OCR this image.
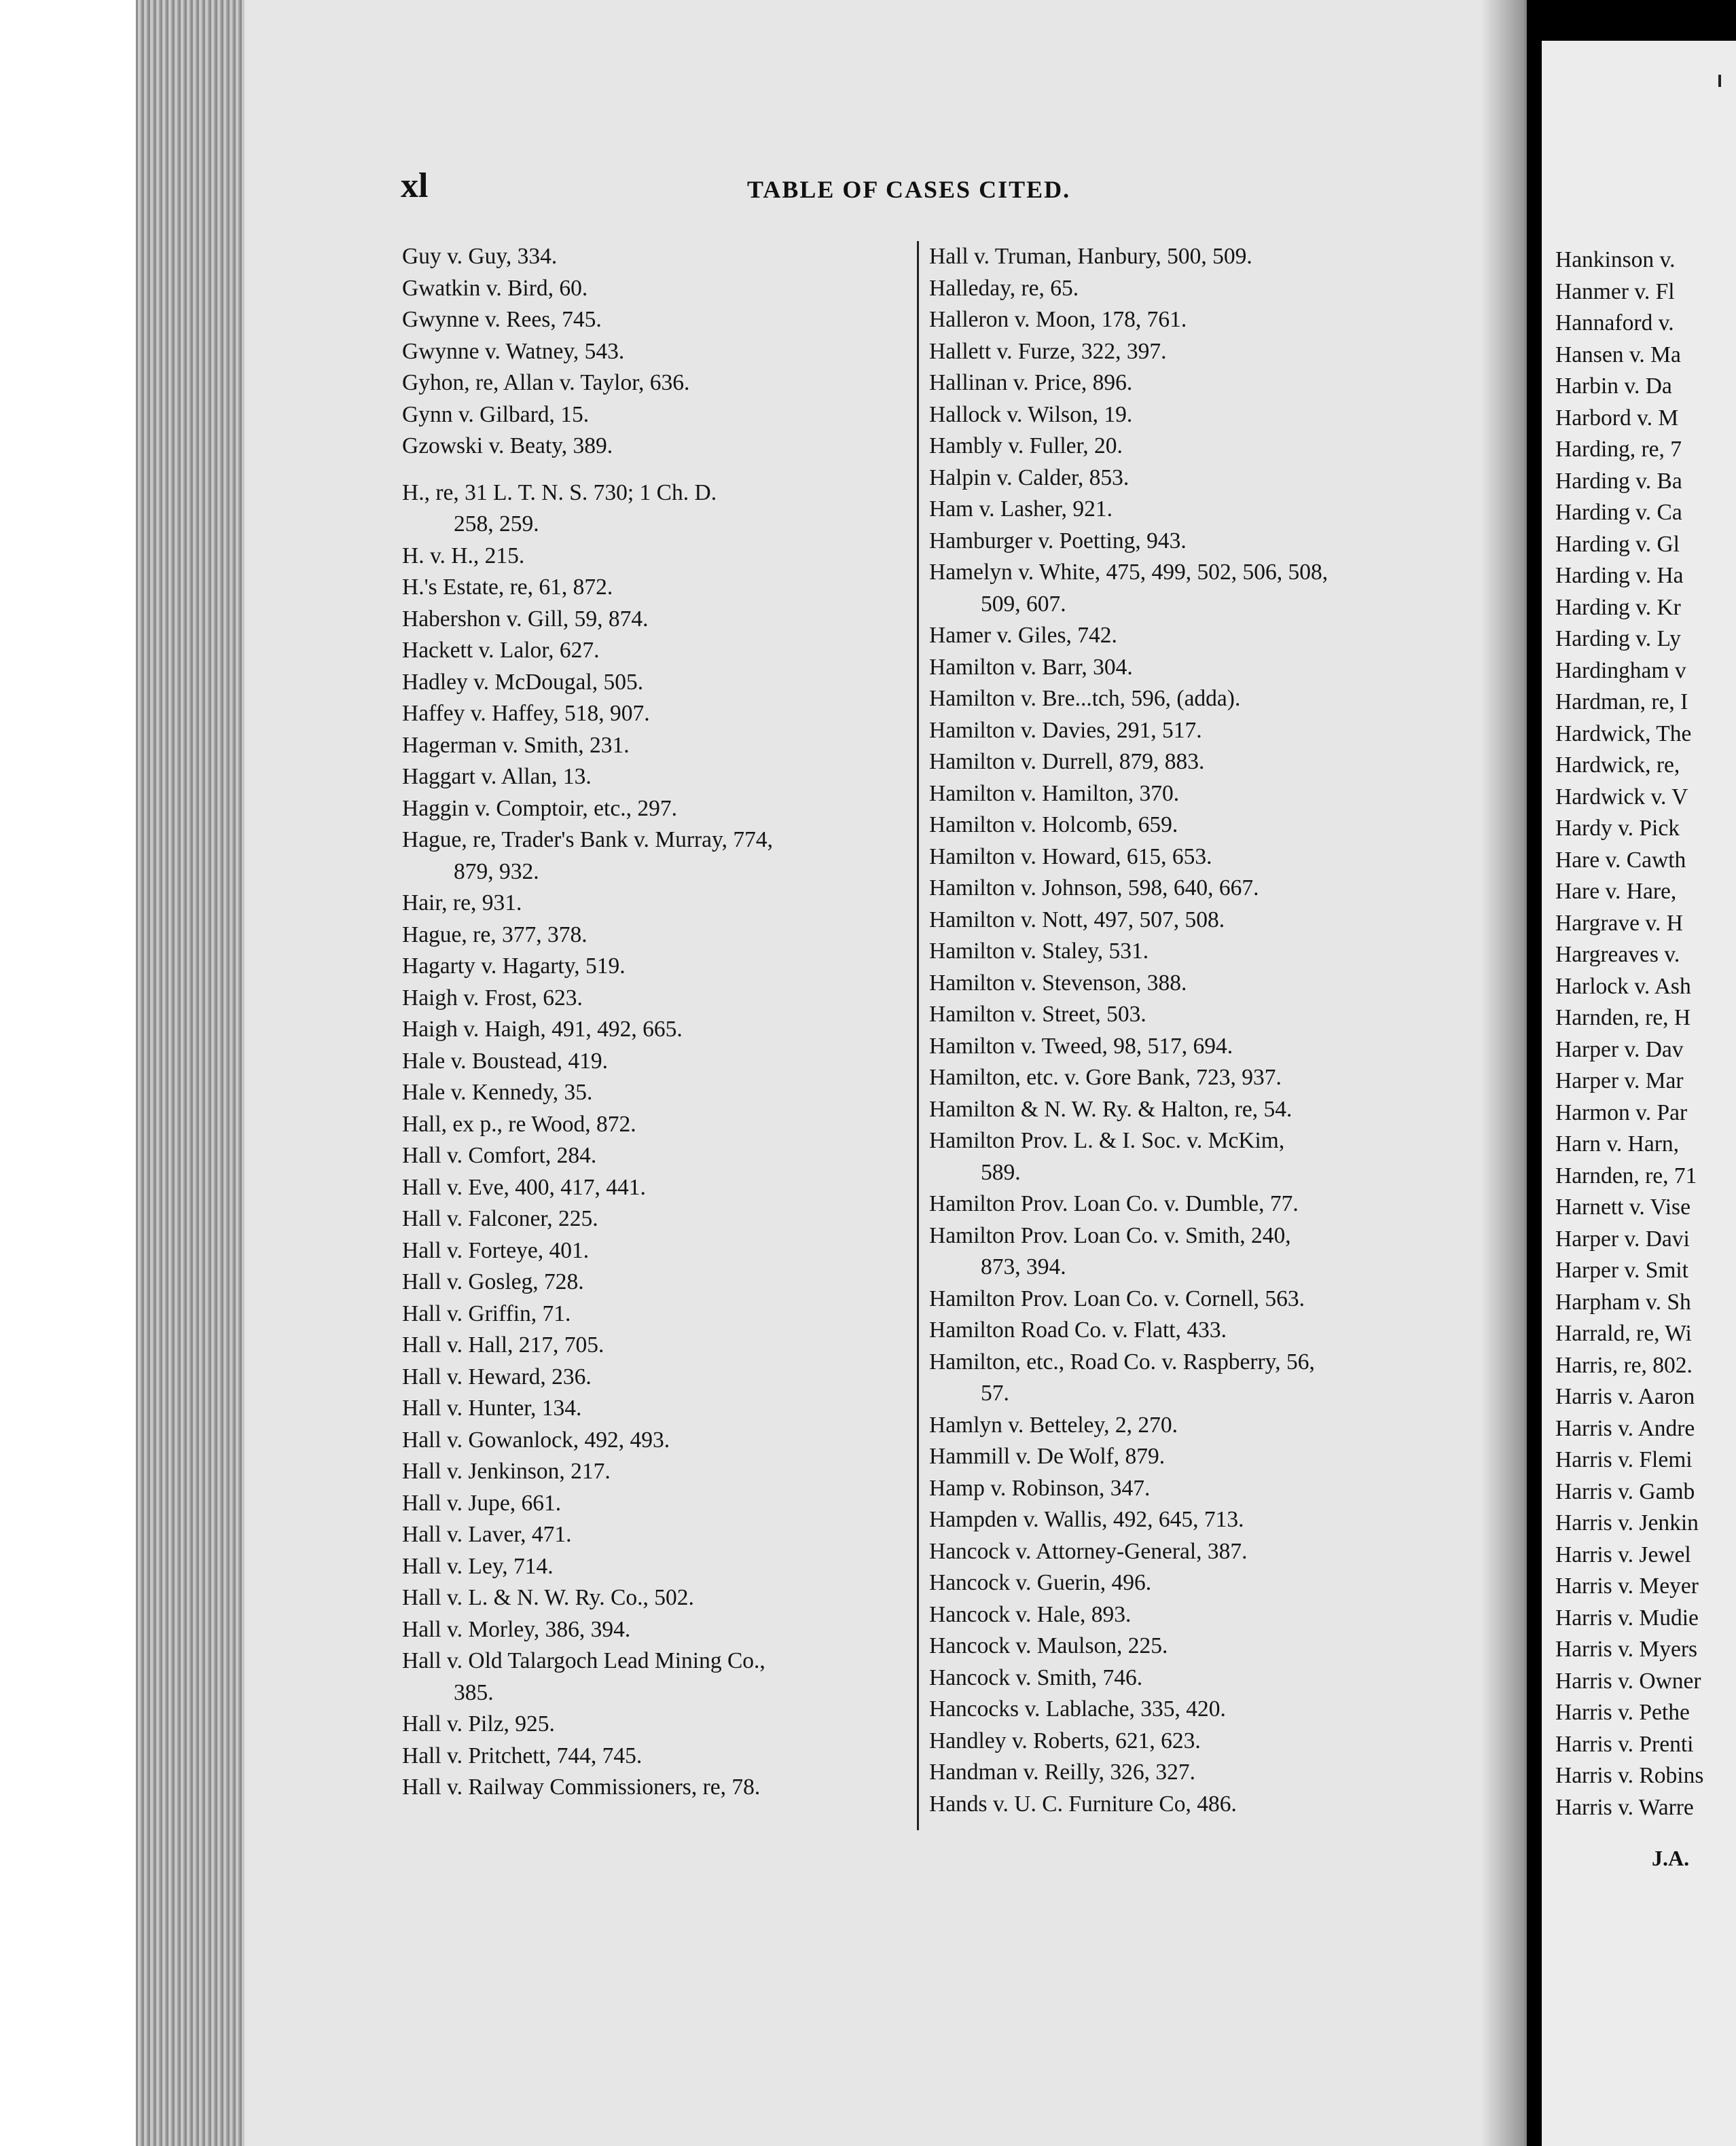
xl	TABLE OF CASES CITED.
Guy v. Guy, 334.
Gwatkin v. Bird, 60.
Gwynne v. Rees, 745.
Gwynne v. Watney, 543.
Gyhon, re, Allan v. Taylor, 636.
Gynn v. Gilbard, 15.
Gzowski v. Beaty, 389.
H., re, 31 L. T. N. S. 730; 1 Ch. D.
258, 259.
H. v. H., 215.
H.'s Estate, re, 61, 872.
Habershon v. Gill, 59, 874.
Hackett v. Lalor, 627.
Hadley v. McDougal, 505.
Haffey v. Haffey, 518, 907.
Hagerman v. Smith, 231.
Haggart v. Allan, 13.
Haggin v. Comptoir, etc., 297.
Hague, re, Trader's Bank v. Murray, 774,
879, 932.
Hair, re, 931.
Hague, re, 377, 378.
Hagarty v. Hagarty, 519.
Haigh v. Frost, 623.
Haigh v. Haigh, 491, 492, 665.
Hale v. Boustead, 419.
Hale v. Kennedy, 35.
Hall, ex p., re Wood, 872.
Hall v. Comfort, 284.
Hall v. Eve, 400, 417, 441.
Hall v. Falconer, 225.
Hall v. Forteye, 401.
Hall v. Gosleg, 728.
Hall v. Griffin, 71.
Hall v. Hall, 217, 705.
Hall v. Heward, 236.
Hall v. Hunter, 134.
Hall v. Gowanlock, 492, 493.
Hall v. Jenkinson, 217.
Hall v. Jupe, 661.
Hall v. Laver, 471.
Hall v. Ley, 714.
Hall v. L. & N. W. Ry. Co., 502.
Hall v. Morley, 386, 394.
Hall v. Old Talargoch Lead Mining Co.,
385.
Hall v. Pilz, 925.
Hall v. Pritchett, 744, 745.
Hall v. Railway Commissioners, re, 78.
Hall v. Truman, Hanbury, 500, 509.
Halleday, re, 65.
Halleron v. Moon, 178, 761.
Hallett v. Furze, 322, 397.
Hallinan v. Price, 896.
Hallock v. Wilson, 19.
Hambly v. Fuller, 20.
Halpin v. Calder, 853.
Ham v. Lasher, 921.
Hamburger v. Poetting, 943.
Hamelyn v. White, 475, 499, 502, 506, 508,
509, 607.
Hamer v. Giles, 742.
Hamilton v. Barr, 304.
Hamilton v. Bre...tch, 596, (adda).
Hamilton v. Davies, 291, 517.
Hamilton v. Durrell, 879, 883.
Hamilton v. Hamilton, 370.
Hamilton v. Holcomb, 659.
Hamilton v. Howard, 615, 653.
Hamilton v. Johnson, 598, 640, 667.
Hamilton v. Nott, 497, 507, 508.
Hamilton v. Staley, 531.
Hamilton v. Stevenson, 388.
Hamilton v. Street, 503.
Hamilton v. Tweed, 98, 517, 694.
Hamilton, etc. v. Gore Bank, 723, 937.
Hamilton & N. W. Ry. & Halton, re, 54.
Hamilton Prov. L. & I. Soc. v. McKim,
589.
Hamilton Prov. Loan Co. v. Dumble, 77.
Hamilton Prov. Loan Co. v. Smith, 240,
873, 394.
Hamilton Prov. Loan Co. v. Cornell, 563.
Hamilton Road Co. v. Flatt, 433.
Hamilton, etc., Road Co. v. Raspberry, 56,
57.
Hamlyn v. Betteley, 2, 270.
Hammill v. De Wolf, 879.
Hamp v. Robinson, 347.
Hampden v. Wallis, 492, 645, 713.
Hancock v. Attorney-General, 387.
Hancock v. Guerin, 496.
Hancock v. Hale, 893.
Hancock v. Maulson, 225.
Hancock v. Smith, 746.
Hancocks v. Lablache, 335, 420.
Handley v. Roberts, 621, 623.
Handman v. Reilly, 326, 327.
Hands v. U. C. Furniture Co, 486.
Hankinson v.
Hanmer v. Fl
Hannaford v.
Hansen v. Ma
Harbin v. Da
Harbord v. M
Harding, re, 7
Harding v. Ba
Harding v. Ca
Harding v. Gl
Harding v. Ha
Harding v. Kr
Harding v. Ly
Hardingham v
Hardman, re, I
Hardwick, The
Hardwick, re,
Hardwick v. V
Hardy v. Pick
Hare v. Cawth
Hare v. Hare,
Hargrave v. H
Hargreaves v.
Harlock v. Ash
Harnden, re, H
Harper v. Dav
Harper v. Mar
Harmon v. Par
Harn v. Harn,
Harnden, re, 71
Harnett v. Vise
Harper v. Davi
Harper v. Smit
Harpham v. Sh
Harrald, re, Wi
Harris, re, 802.
Harris v. Aaron
Harris v. Andre
Harris v. Flemi
Harris v. Gamb
Harris v. Jenkin
Harris v. Jewel
Harris v. Meyer
Harris v. Mudie
Harris v. Myers
Harris v. Owner
Harris v. Pethe
Harris v. Prenti
Harris v. Robins
Harris v. Warre
J.A.
